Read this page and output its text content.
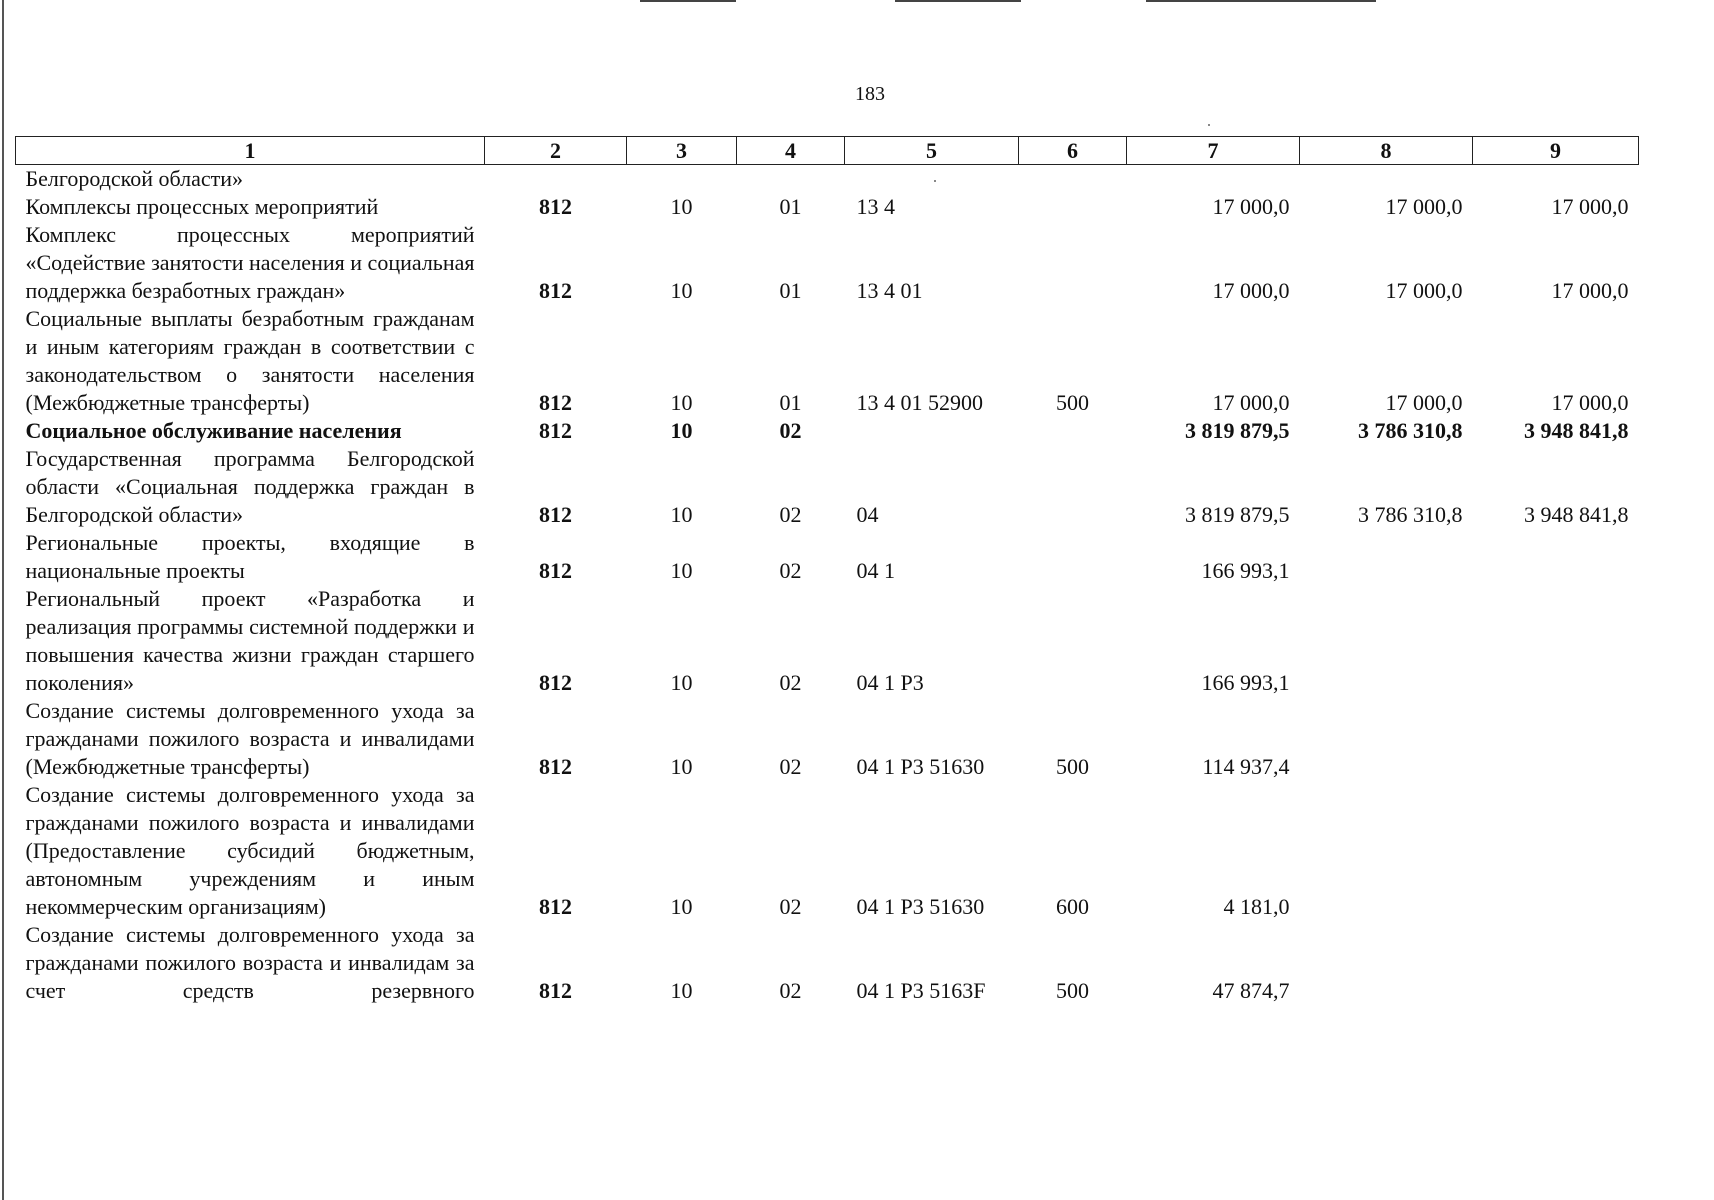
183
1	2	3	4	5	6	7	8	9
Белгородской области»								
Комплексы процессных мероприятий	812	10	01	13 4		17 000,0	17 000,0	17 000,0
Комплекс процессных мероприятий «Содействие занятости населения и социальная поддержка безработных граждан»	812	10	01	13 4 01		17 000,0	17 000,0	17 000,0
Социальные выплаты безработным гражданам и иным категориям граждан в соответствии с законодательством о занятости населения (Межбюджетные трансферты)	812	10	01	13 4 01 52900	500	17 000,0	17 000,0	17 000,0
Социальное обслуживание населения	812	10	02			3 819 879,5	3 786 310,8	3 948 841,8
Государственная программа Белгородской области «Социальная поддержка граждан в Белгородской области»	812	10	02	04		3 819 879,5	3 786 310,8	3 948 841,8
Региональные проекты, входящие в национальные проекты	812	10	02	04 1		166 993,1		
Региональный проект «Разработка и реализация программы системной поддержки и повышения качества жизни граждан старшего поколения»	812	10	02	04 1 P3		166 993,1		
Создание системы долговременного ухода за гражданами пожилого возраста и инвалидами (Межбюджетные трансферты)	812	10	02	04 1 P3 51630	500	114 937,4		
Создание системы долговременного ухода за гражданами пожилого возраста и инвалидами (Предоставление субсидий бюджетным, автономным учреждениям и иным некоммерческим организациям)	812	10	02	04 1 P3 51630	600	4 181,0		
Создание системы долговременного ухода за гражданами пожилого возраста и инвалидам за счет средств резервного	812	10	02	04 1 P3 5163F	500	47 874,7		
